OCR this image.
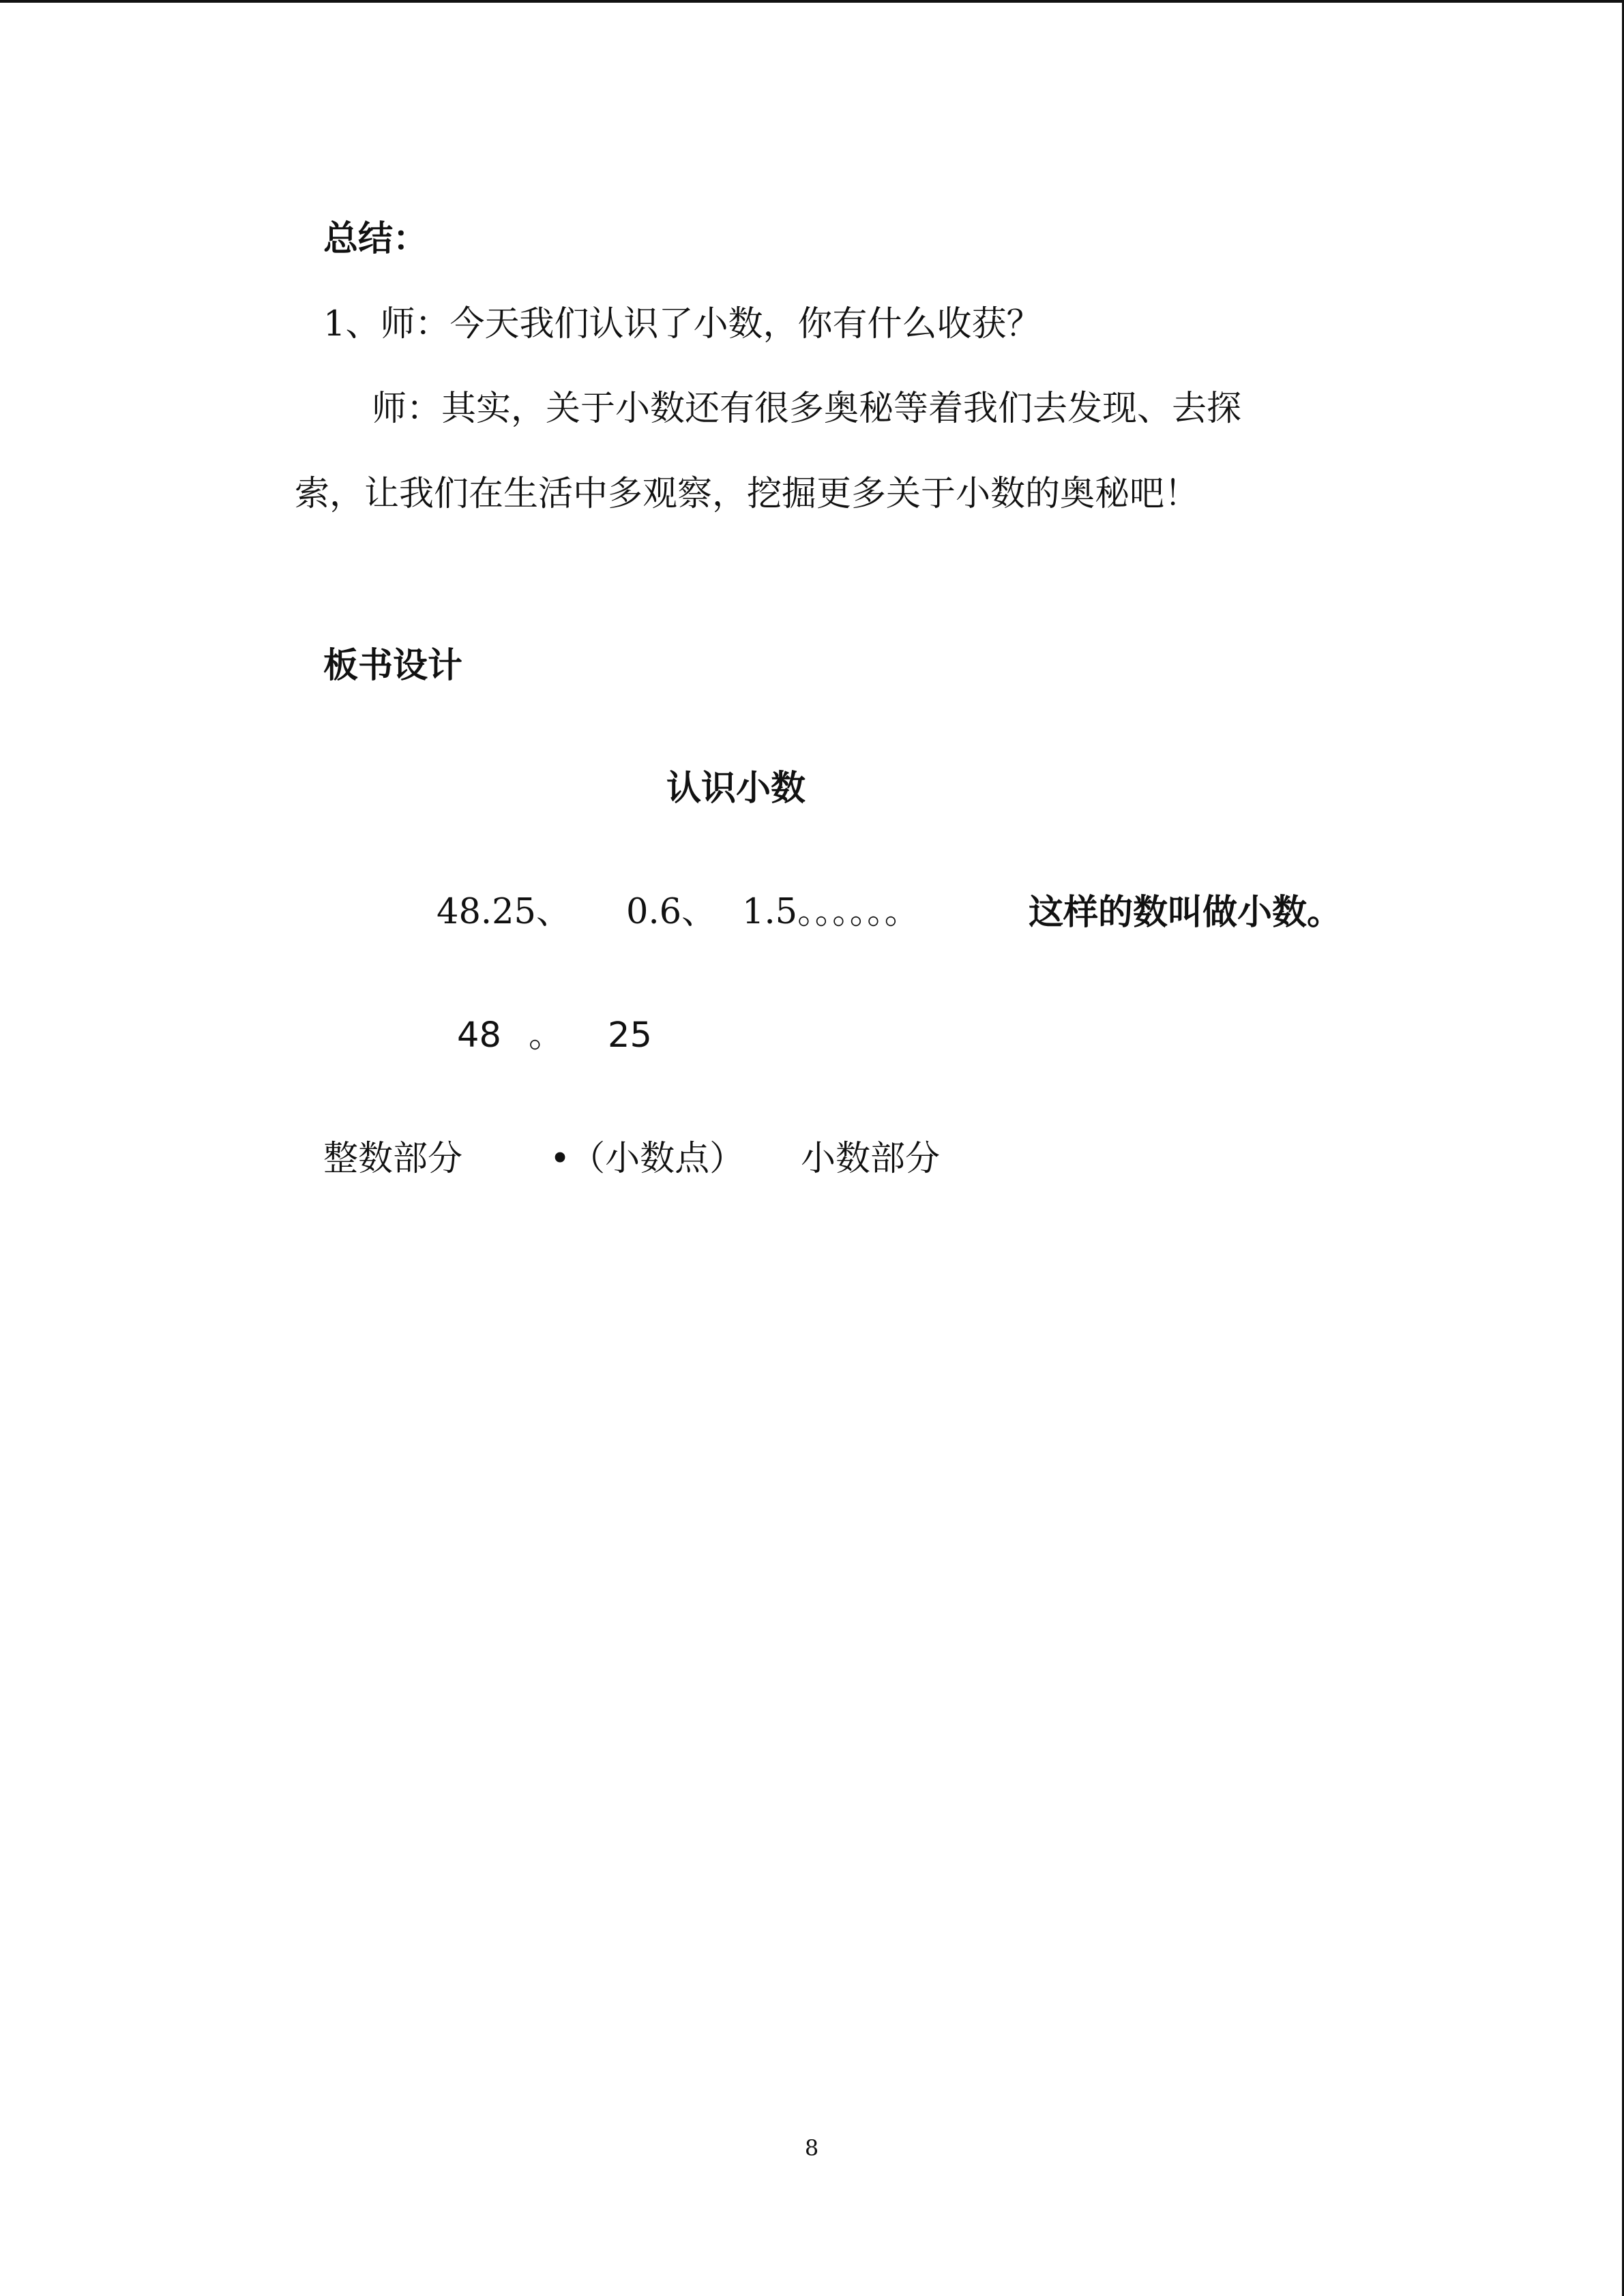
总结：
1、师：今天我们认识了小数，你有什么收获？
师：其实，关于小数还有很多奥秘等着我们去发现、去探
索，让我们在生活中多观察，挖掘更多关于小数的奥秘吧！
板书设计
认识小数
48.25、 0.6、 1.5。。。。。。	这样的数叫做小数。
48 。 25
整数部分	•（小数点） 小数部分
8
